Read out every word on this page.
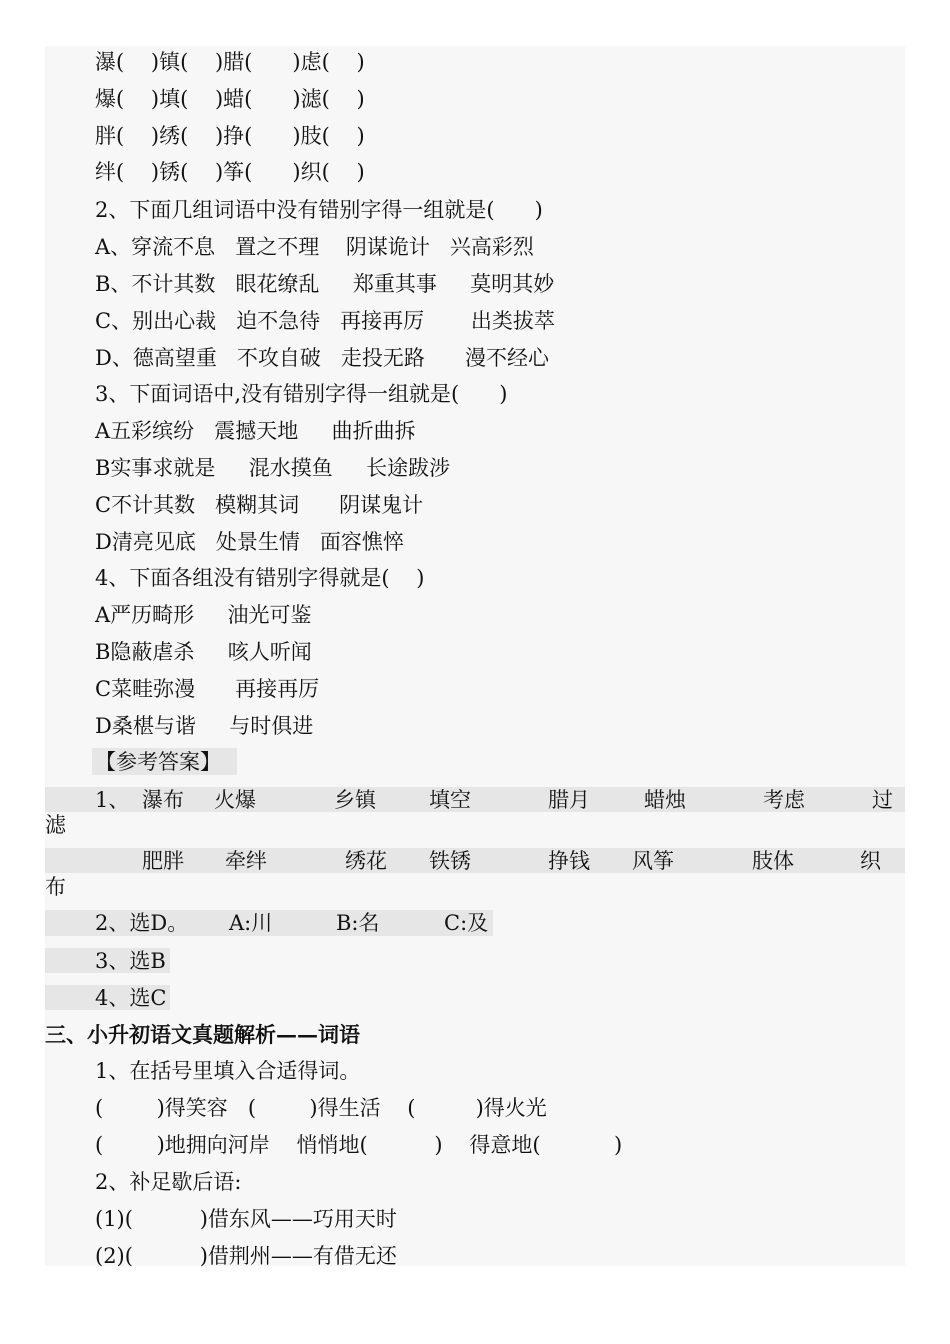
瀑(    )镇(    )腊(      )虑(    )
爆(    )填(    )蜡(      )滤(    )
胖(    )绣(    )挣(      )肢(    )
绊(    )锈(    )筝(      )织(    )
2、下面几组词语中没有错别字得一组就是(      )
A、穿流不息   置之不理    阴谋诡计   兴高彩烈
B、不计其数   眼花缭乱     郑重其事     莫明其妙
C、别出心裁   迫不急待   再接再厉       出类拔萃
D、德高望重   不攻自破   走投无路      漫不经心
3、下面词语中,没有错别字得一组就是(      )
A五彩缤纷   震撼天地     曲折曲拆
B实事求就是     混水摸鱼     长途跋涉
C不计其数   模糊其词      阴谋鬼计
D清亮见底   处景生情   面容憔悴
4、下面各组没有错别字得就是(    )
A严历畸形     油光可鉴
B隐蔽虐杀     咳人听闻
C菜畦弥漫      再接再厉
D桑椹与谐     与时俱进
【参考答案】
1、 瀑布 火爆	乡镇	填空	腊月	蜡烛	考虑	过
滤
肥胖 牵绊	绣花 铁锈	挣钱 风筝	肢体	织
布
2、选D。 A:川	B:名	C:及
3、选B
4、选C
三、小升初语文真题解析——词语
1、在括号里填入合适得词。
(        )得笑容   (        )得生活    (         )得火光
(        )地拥向河岸    悄悄地(          )    得意地(           )
2、补足歇后语:
(1)(          )借东风——巧用天时
(2)(          )借荆州——有借无还
